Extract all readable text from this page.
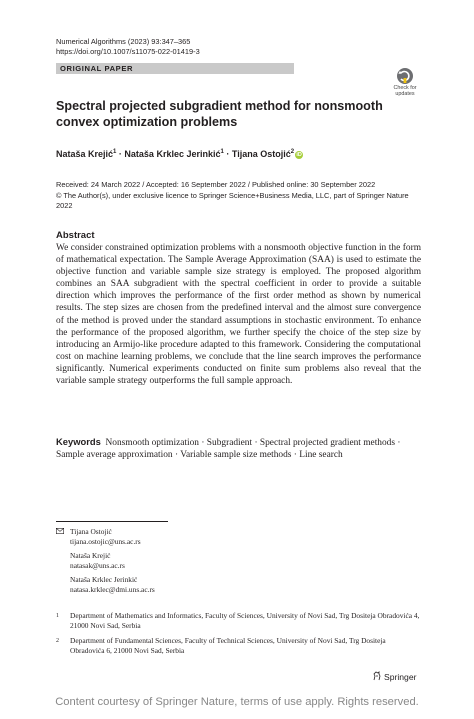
Numerical Algorithms (2023) 93:347–365
https://doi.org/10.1007/s11075-022-01419-3
ORIGINAL PAPER
Check for
updates
Spectral projected subgradient method for nonsmooth convex optimization problems
Nataša Krejić$^1$ · Nataša Krklec Jerinkić$^1$ · Tijana Ostojić$^2$ iD
Received: 24 March 2022 / Accepted: 16 September 2022 / Published online: 30 September 2022
© The Author(s), under exclusive licence to Springer Science+Business Media, LLC, part of Springer Nature 2022
Abstract
We consider constrained optimization problems with a nonsmooth objective function in the form of mathematical expectation. The Sample Average Approximation (SAA) is used to estimate the objective function and variable sample size strategy is employed. The proposed algorithm combines an SAA subgradient with the spectral coefficient in order to provide a suitable direction which improves the performance of the first order method as shown by numerical results. The step sizes are chosen from the predefined interval and the almost sure convergence of the method is proved under the standard assumptions in stochastic environment. To enhance the performance of the proposed algorithm, we further specify the choice of the step size by introducing an Armijo-like procedure adapted to this framework. Considering the computational cost on machine learning problems, we conclude that the line search improves the performance significantly. Numerical experiments conducted on finite sum problems also reveal that the variable sample strategy outperforms the full sample approach.
Keywords Nonsmooth optimization · Subgradient · Spectral projected gradient methods · Sample average approximation · Variable sample size methods · Line search
Tijana Ostojić
tijana.ostojic@uns.ac.rs
Nataša Krejić
natasak@uns.ac.rs
Nataša Krklec Jerinkić
natasa.krklec@dmi.uns.ac.rs
1 Department of Mathematics and Informatics, Faculty of Sciences, University of Novi Sad, Trg Dositeja Obradovića 4, 21000 Novi Sad, Serbia
2 Department of Fundamental Sciences, Faculty of Technical Sciences, University of Novi Sad, Trg Dositeja Obradovića 6, 21000 Novi Sad, Serbia
Springer
Content courtesy of Springer Nature, terms of use apply. Rights reserved.
